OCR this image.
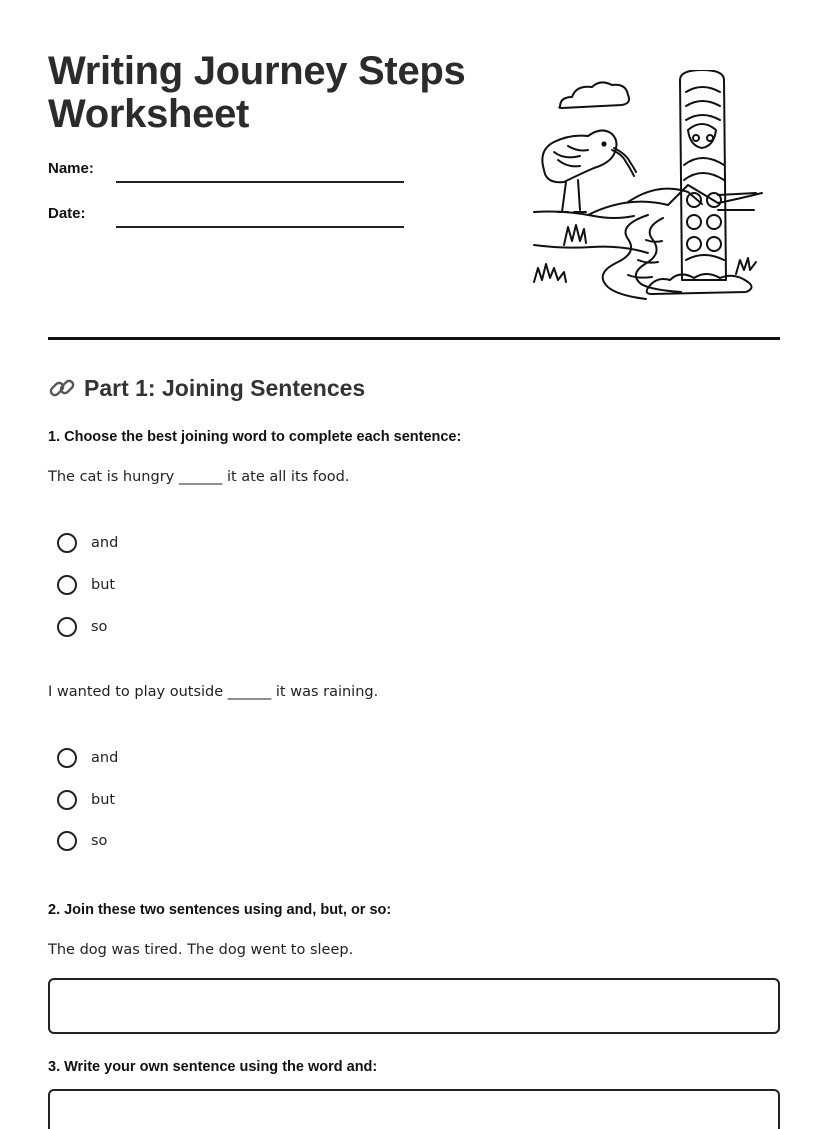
Writing Journey Steps
Worksheet
Name:
Date:
Part 1: Joining Sentences

1. Choose the best joining word to complete each sentence:

The cat is hungry ______ it ate all its food.

and
but
so

I wanted to play outside ______ it was raining.

and
but
so

2. Join these two sentences using and, but, or so:

The dog was tired. The dog went to sleep.

3. Write your own sentence using the word and:
